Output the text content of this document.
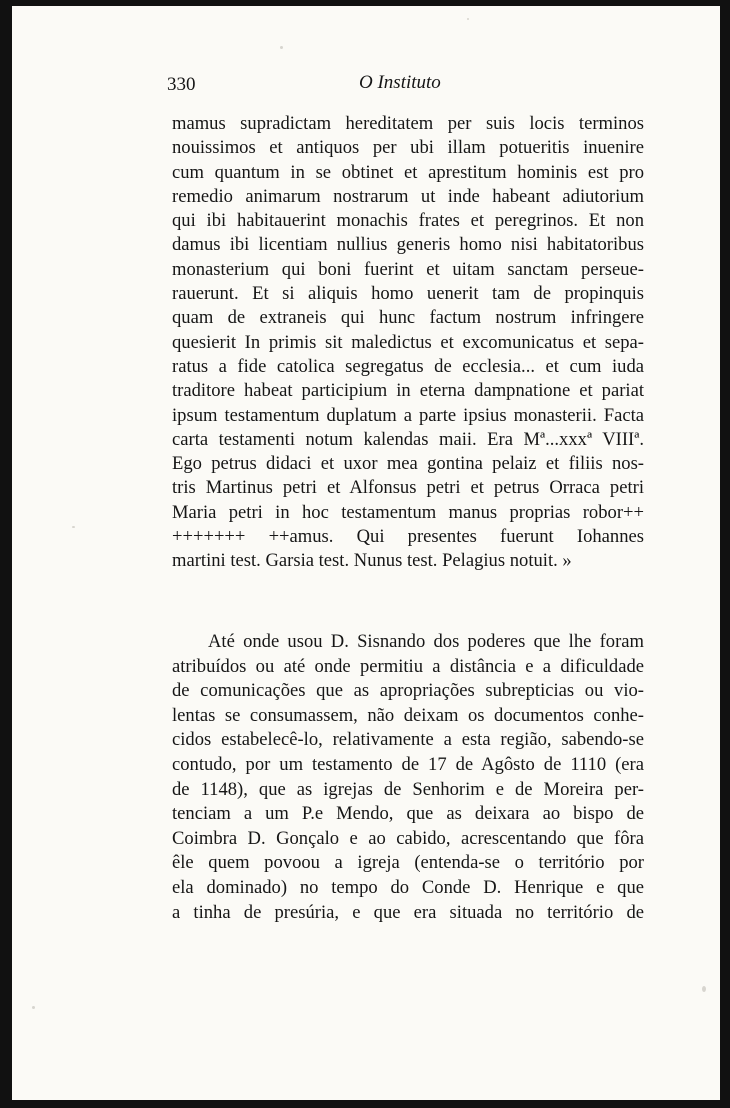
330	O Instituto
mamus supradictam hereditatem per suis locis terminos
nouissimos et antiquos per ubi illam potueritis inuenire
cum quantum in se obtinet et aprestitum hominis est pro
remedio animarum nostrarum ut inde habeant adiutorium
qui ibi habitauerint monachis frates et peregrinos. Et non
damus ibi licentiam nullius generis homo nisi habitatoribus
monasterium qui boni fuerint et uitam sanctam perseue-
rauerunt. Et si aliquis homo uenerit tam de propinquis
quam de extraneis qui hunc factum nostrum infringere
quesierit In primis sit maledictus et excomunicatus et sepa-
ratus a fide catolica segregatus de ecclesia... et cum iuda
traditore habeat participium in eterna dampnatione et pariat
ipsum testamentum duplatum a parte ipsius monasterii. Facta
carta testamenti notum kalendas maii. Era Mª...xxxª VIIIª.
Ego petrus didaci et uxor mea gontina pelaiz et filiis nos-
tris Martinus petri et Alfonsus petri et petrus Orraca petri
Maria petri in hoc testamentum manus proprias robor++
+++++++ ++amus. Qui presentes fuerunt Iohannes
martini test. Garsia test. Nunus test. Pelagius notuit. »
Até onde usou D. Sisnando dos poderes que lhe foram
atribuídos ou até onde permitiu a distância e a dificuldade
de comunicações que as apropriações subrepticias ou vio-
lentas se consumassem, não deixam os documentos conhe-
cidos estabelecê-lo, relativamente a esta região, sabendo-se
contudo, por um testamento de 17 de Agôsto de 1110 (era
de 1148), que as igrejas de Senhorim e de Moreira per-
tenciam a um P.e Mendo, que as deixara ao bispo de
Coimbra D. Gonçalo e ao cabido, acrescentando que fôra
êle quem povoou a igreja (entenda-se o território por
ela dominado) no tempo do Conde D. Henrique e que
a tinha de presúria, e que era situada no território de
